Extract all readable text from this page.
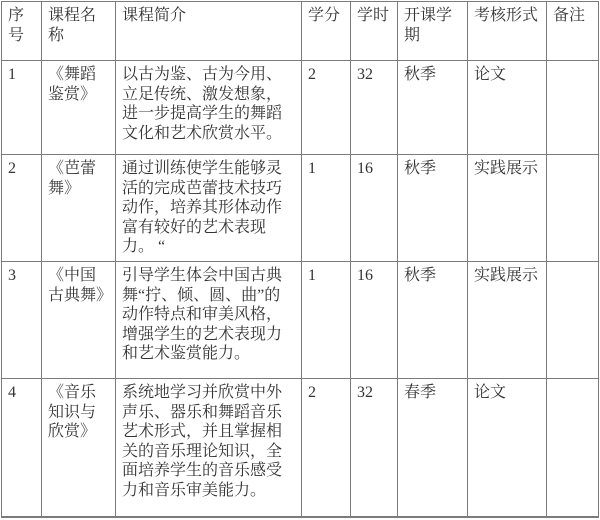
序号	课程名称	课程简介	学分	学时	开课学期	考核形式	备注
1	《舞蹈鉴赏》	以古为鉴、古为今用、立足传统、激发想象，进一步提高学生的舞蹈文化和艺术欣赏水平。	2	32	秋季	论文	
2	《芭蕾舞》	通过训练使学生能够灵活的完成芭蕾技术技巧动作，培养其形体动作富有较好的艺术表现力。 “	1	16	秋季	实践展示	
3	《中国古典舞》	引导学生体会中国古典舞“拧、倾、圆、曲”的动作特点和审美风格，增强学生的艺术表现力和艺术鉴赏能力。	1	16	秋季	实践展示	
4	《音乐知识与欣赏》	系统地学习并欣赏中外声乐、器乐和舞蹈音乐艺术形式，并且掌握相关的音乐理论知识，全面培养学生的音乐感受力和音乐审美能力。	2	32	春季	论文	
